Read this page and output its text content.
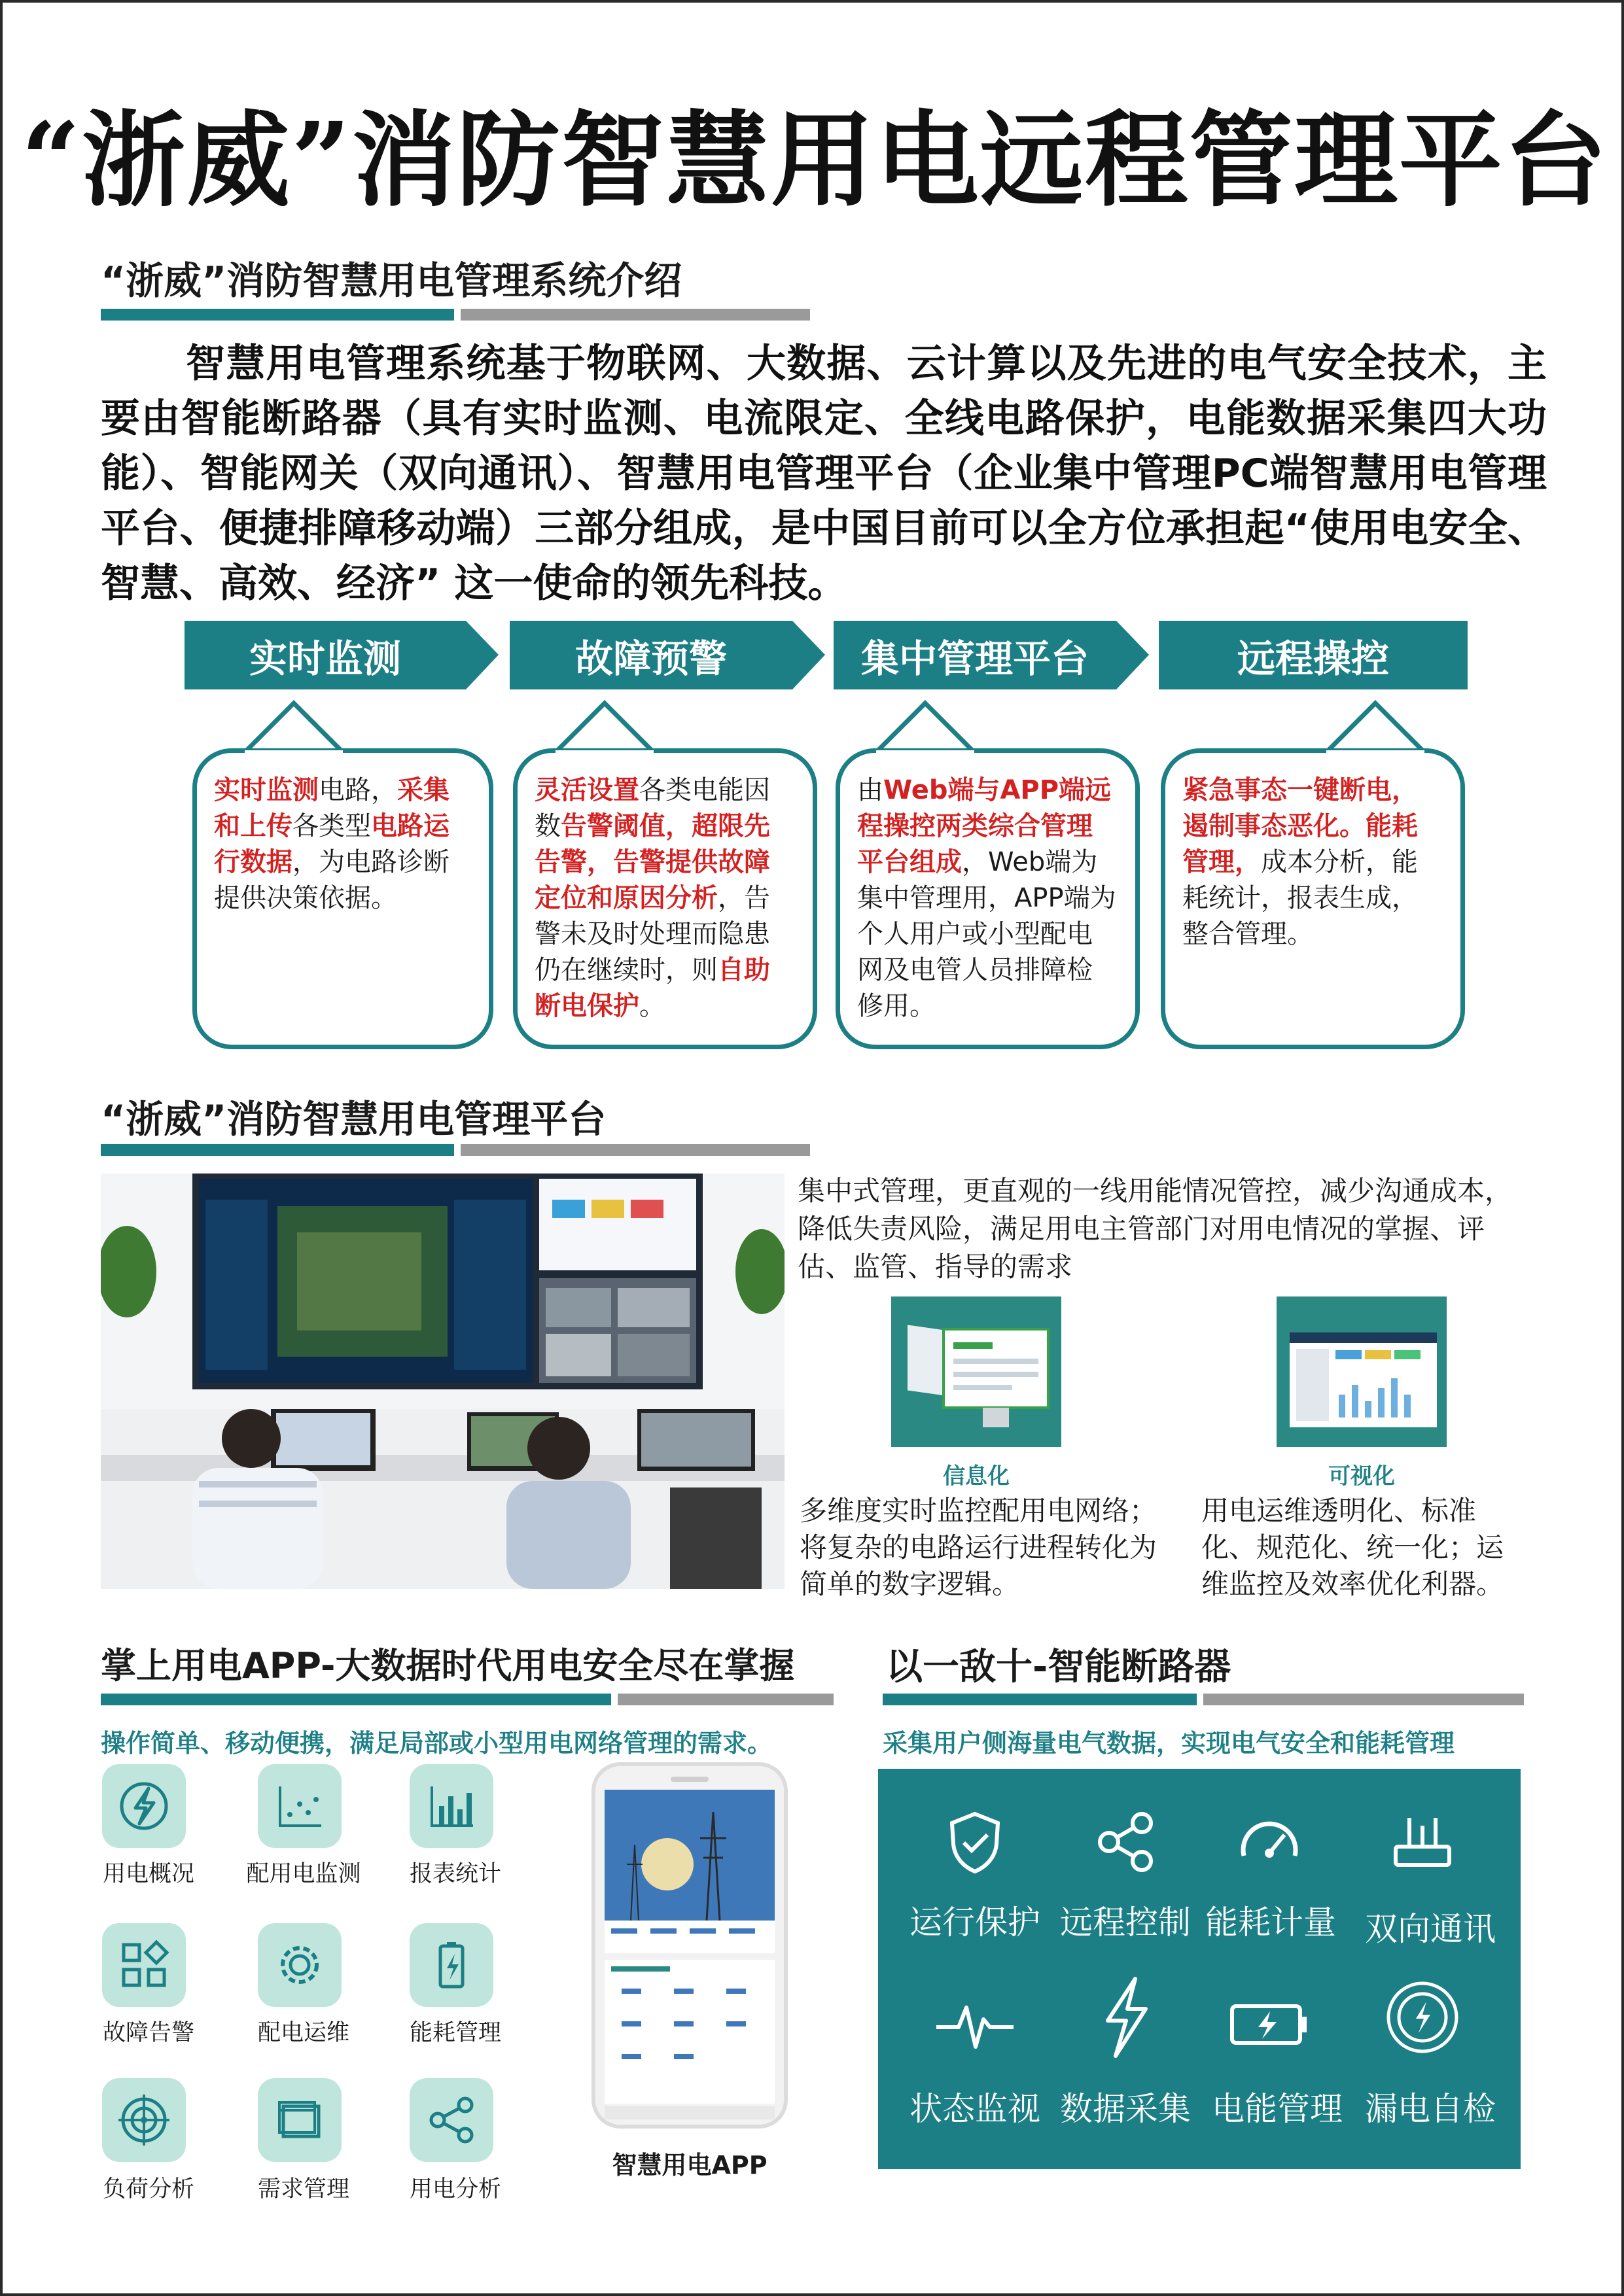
“浙威”消防智慧用电远程管理平台
“浙威”消防智慧用电管理系统介绍

智慧用电管理系统基于物联网、大数据、云计算以及先进的电气安全技术，主要由智能断路器（具有实时监测、电流限定、全线电路保护，电能数据采集四大功能）、智能网关（双向通讯）、智慧用电管理平台（企业集中管理PC端智慧用电管理平台、便捷排障移动端）三部分组成，是中国目前可以全方位承担起“使用电安全、智慧、高效、经济” 这一使命的领先科技。

实时监测	故障预警	集中管理平台	远程操控
实时监测电路，采集和上传各类型电路运行数据，为电路诊断提供决策依据。
灵活设置各类电能因数告警阈值，超限先告警，告警提供故障定位和原因分析，告警未及时处理而隐患仍在继续时，则自助断电保护。
由Web端与APP端远程操控两类综合管理平台组成，Web端为集中管理用，APP端为个人用户或小型配电网及电管人员排障检修用。
紧急事态一键断电，遏制事态恶化。能耗管理，成本分析，能耗统计，报表生成，整合管理。
“浙威”消防智慧用电管理平台
集中式管理，更直观的一线用能情况管控，减少沟通成本，降低失责风险，满足用电主管部门对用电情况的掌握、评估、监管、指导的需求
信息化	可视化
多维度实时监控配用电网络；将复杂的电路运行进程转化为简单的数字逻辑。
用电运维透明化、标准化、规范化、统一化；运维监控及效率优化利器。
掌上用电APP-大数据时代用电安全尽在掌握
操作简单、移动便携，满足局部或小型用电网络管理的需求。
用电概况	配用电监测	报表统计
故障告警	配电运维	能耗管理
负荷分析	需求管理	用电分析
智慧用电APP
以一敌十-智能断路器
采集用户侧海量电气数据，实现电气安全和能耗管理
运行保护 远程控制 能耗计量 双向通讯
状态监视 数据采集 电能管理 漏电自检
